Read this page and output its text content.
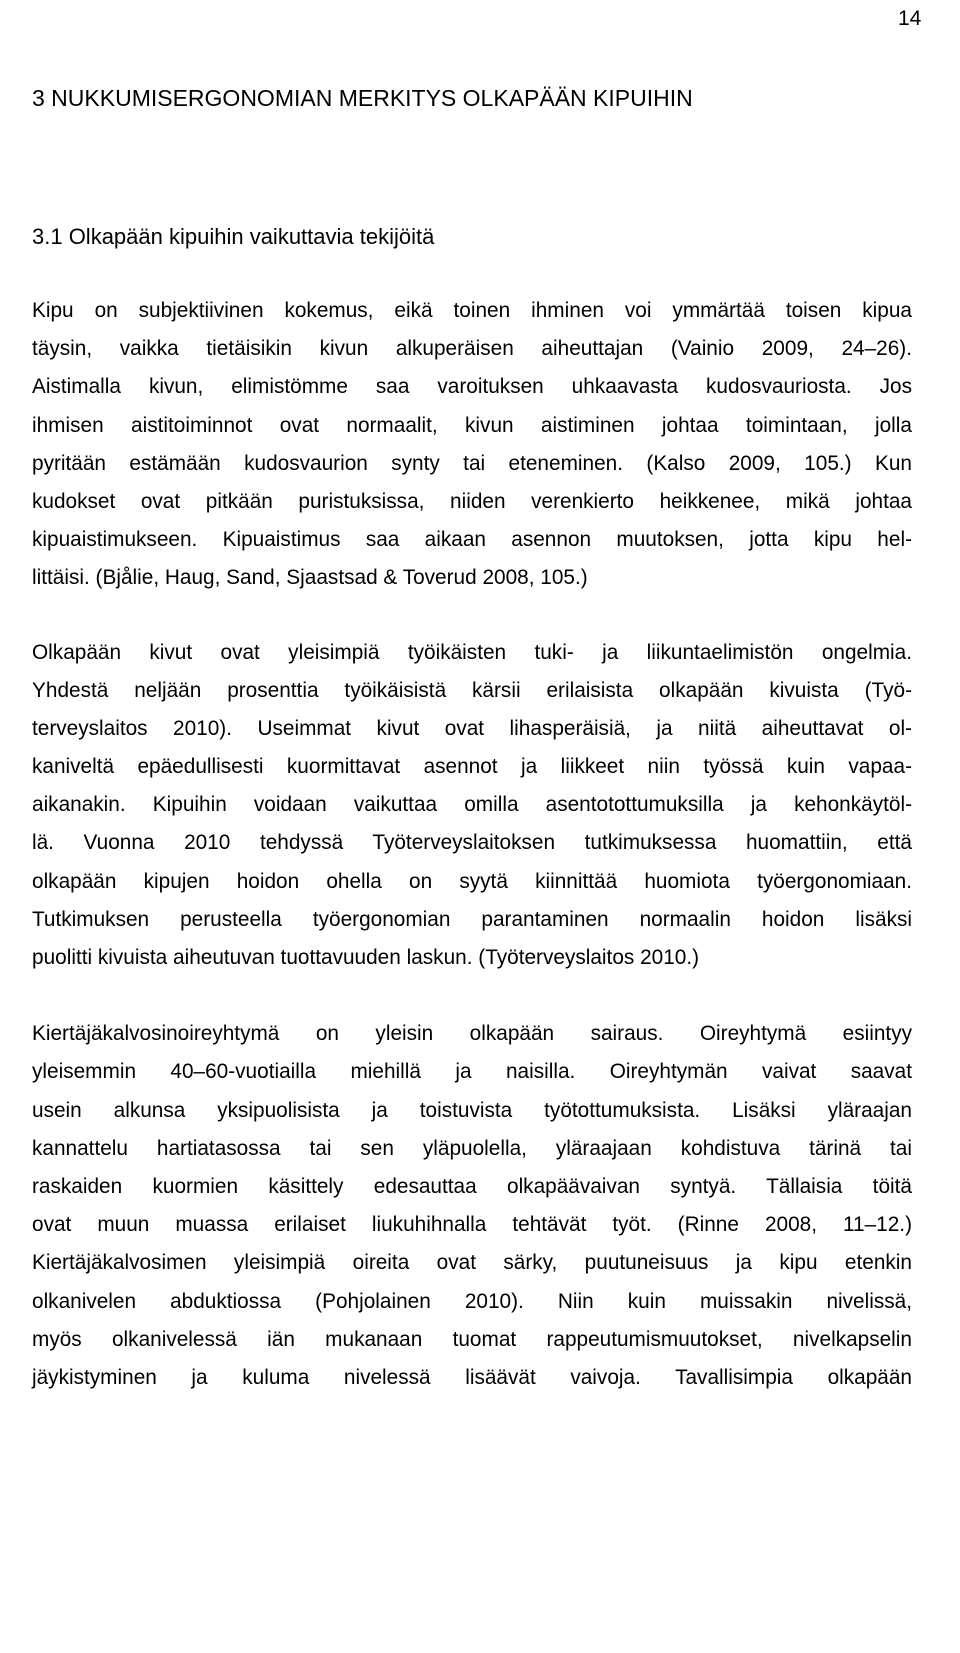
14
3 NUKKUMISERGONOMIAN MERKITYS OLKAPÄÄN KIPUIHIN
3.1 Olkapään kipuihin vaikuttavia tekijöitä
Kipu on subjektiivinen kokemus, eikä toinen ihminen voi ymmärtää toisen kipua
täysin, vaikka tietäisikin kivun alkuperäisen aiheuttajan (Vainio 2009, 24–26).
Aistimalla kivun, elimistömme saa varoituksen uhkaavasta kudosvauriosta. Jos
ihmisen aistitoiminnot ovat normaalit, kivun aistiminen johtaa toimintaan, jolla
pyritään estämään kudosvaurion synty tai eteneminen. (Kalso 2009, 105.) Kun
kudokset ovat pitkään puristuksissa, niiden verenkierto heikkenee, mikä johtaa
kipuaistimukseen. Kipuaistimus saa aikaan asennon muutoksen, jotta kipu hel-
littäisi. (Bjålie, Haug, Sand, Sjaastsad & Toverud 2008, 105.)
Olkapään kivut ovat yleisimpiä työikäisten tuki- ja liikuntaelimistön ongelmia.
Yhdestä neljään prosenttia työikäisistä kärsii erilaisista olkapään kivuista (Työ-
terveyslaitos 2010). Useimmat kivut ovat lihasperäisiä, ja niitä aiheuttavat ol-
kaniveltä epäedullisesti kuormittavat asennot ja liikkeet niin työssä kuin vapaa-
aikanakin. Kipuihin voidaan vaikuttaa omilla asentotottumuksilla ja kehonkäytöl-
lä. Vuonna 2010 tehdyssä Työterveyslaitoksen tutkimuksessa huomattiin, että
olkapään kipujen hoidon ohella on syytä kiinnittää huomiota työergonomiaan.
Tutkimuksen perusteella työergonomian parantaminen normaalin hoidon lisäksi
puolitti kivuista aiheutuvan tuottavuuden laskun. (Työterveyslaitos 2010.)
Kiertäjäkalvosinoireyhtymä on yleisin olkapään sairaus. Oireyhtymä esiintyy
yleisemmin 40–60-vuotiailla miehillä ja naisilla. Oireyhtymän vaivat saavat
usein alkunsa yksipuolisista ja toistuvista työtottumuksista. Lisäksi yläraajan
kannattelu hartiatasossa tai sen yläpuolella, yläraajaan kohdistuva tärinä tai
raskaiden kuormien käsittely edesauttaa olkapäävaivan syntyä. Tällaisia töitä
ovat muun muassa erilaiset liukuhihnalla tehtävät työt. (Rinne 2008, 11–12.)
Kiertäjäkalvosimen yleisimpiä oireita ovat särky, puutuneisuus ja kipu etenkin
olkanivelen abduktiossa (Pohjolainen 2010). Niin kuin muissakin nivelissä,
myös olkanivelessä iän mukanaan tuomat rappeutumismuutokset, nivelkapselin
jäykistyminen ja kuluma nivelessä lisäävät vaivoja. Tavallisimpia olkapään
